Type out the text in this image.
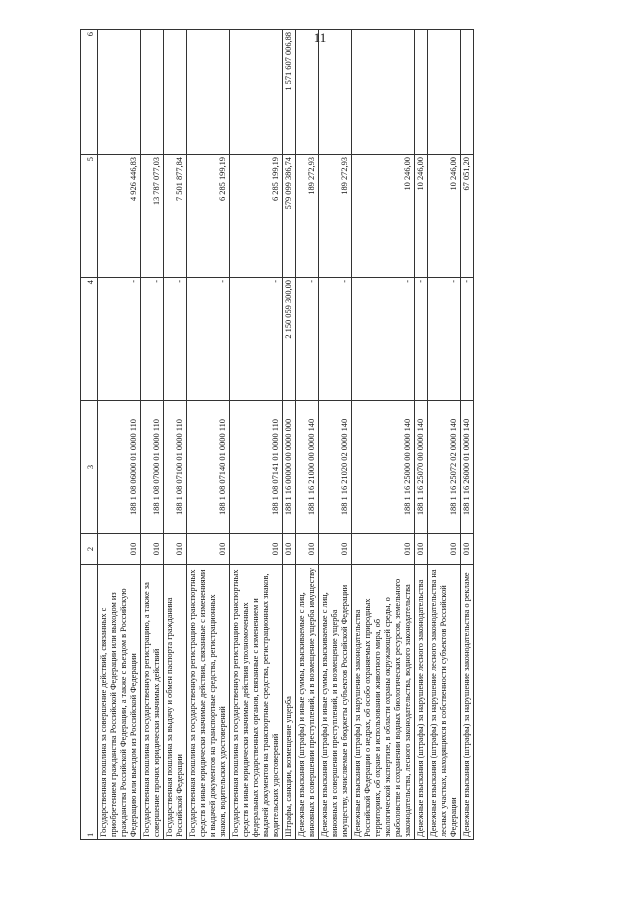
11
1	2	3	4	5	6
Государственная пошлина за совершение действий, связанных с приобретением гражданства Российской Федерации или выходом из гражданства Российской Федерации, а также с въездом в Российскую Федерацию или выездом из Российской Федерации	010	188 1 08 06000 01 0000 110	-	4 926 446,83	
Государственная пошлина за государственную регистрацию, а также за совершение прочих юридически значимых действий	010	188 1 08 07000 01 0000 110	-	13 787 077,03	
Государственная пошлина за выдачу и обмен паспорта гражданина Российской Федерации	010	188 1 08 07100 01 0000 110	-	7 501 877,84	
Государственная пошлина за государственную регистрацию транспортных средств и иные юридически значимые действия, связанные с изменениями и выдачей документов на транспортные средства, регистрационных знаков, водительских удостоверений	010	188 1 08 07140 01 0000 110	-	6 285 199,19	
Государственная пошлина за государственную регистрацию транспортных средств и иные юридически значимые действия уполномоченных федеральных государственных органов, связанные с изменением и выдачей документов на транспортные средства, регистрационных знаков, водительских удостоверений	010	188 1 08 07141 01 0000 110	-	6 285 199,19	
Штрафы, санкции, возмещение ущерба	010	188 1 16 00000 00 0000 000	2 150 059 300,00	579 099 386,74	1 571 607 006,88
Денежные взыскания (штрафы) и иные суммы, взыскиваемые с лиц, виновных в совершении преступлений, и в возмещение ущерба имуществу	010	188 1 16 21000 00 0000 140	-	189 272,93	
Денежные взыскания (штрафы) и иные суммы, взыскиваемые с лиц, виновных в совершении преступлений, и в возмещение ущерба имуществу, зачисляемые в бюджеты субъектов Российской Федерации	010	188 1 16 21020 02 0000 140	-	189 272,93	
Денежные взыскания (штрафы) за нарушение законодательства Российской Федерации о недрах, об особо охраняемых природных территориях, об охране и использовании животного мира, об экологической экспертизе, в области охраны окружающей среды, о рыболовстве и сохранении водных биологических ресурсов, земельного законодательства, лесного законодательства, водного законодательства	010	188 1 16 25000 00 0000 140	-	10 246,00	
Денежные взыскания (штрафы) за нарушение лесного законодательства	010	188 1 16 25070 00 0000 140	-	10 246,00	
Денежные взыскания (штрафы) за нарушение лесного законодательства на лесных участках, находящихся в собственности субъектов Российской Федерации	010	188 1 16 25072 02 0000 140	-	10 246,00	
Денежные взыскания (штрафы) за нарушение законодательства о рекламе	010	188 1 16 26000 01 0000 140	-	67 051,20	
